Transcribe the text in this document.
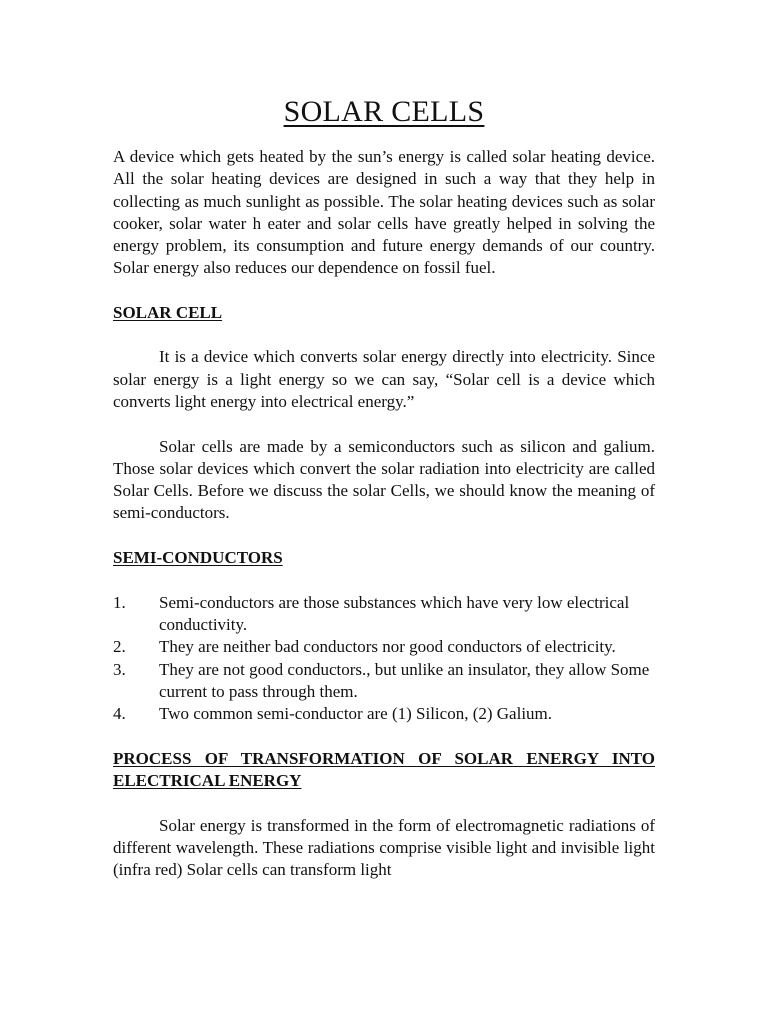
SOLAR CELLS

A device which gets heated by the sun’s energy is called solar heating device. All the solar heating devices are designed in such a way that they help in collecting as much sunlight as possible. The solar heating devices such as solar cooker, solar water h eater and solar cells have greatly helped in solving the energy problem, its consumption and future energy demands of our country. Solar energy also reduces our dependence on fossil fuel.

SOLAR CELL

It is a device which converts solar energy directly into electricity. Since solar energy is a light energy so we can say, “Solar cell is a device which converts light energy into electrical energy.”

Solar cells are made by a semiconductors such as silicon and galium. Those solar devices which convert the solar radiation into electricity are called Solar Cells. Before we discuss the solar Cells, we should know the meaning of semi-conductors.

SEMI-CONDUCTORS
1. Semi-conductors are those substances which have very low electrical conductivity.
2. They are neither bad conductors nor good conductors of electricity.
3. They are not good conductors., but unlike an insulator, they allow Some current to pass through them.
4. Two common semi-conductor are (1) Silicon, (2) Galium.
PROCESS OF TRANSFORMATION OF SOLAR ENERGY INTO ELECTRICAL ENERGY

Solar energy is transformed in the form of electromagnetic radiations of different wavelength. These radiations comprise visible light and invisible light (infra red) Solar cells can transform light
